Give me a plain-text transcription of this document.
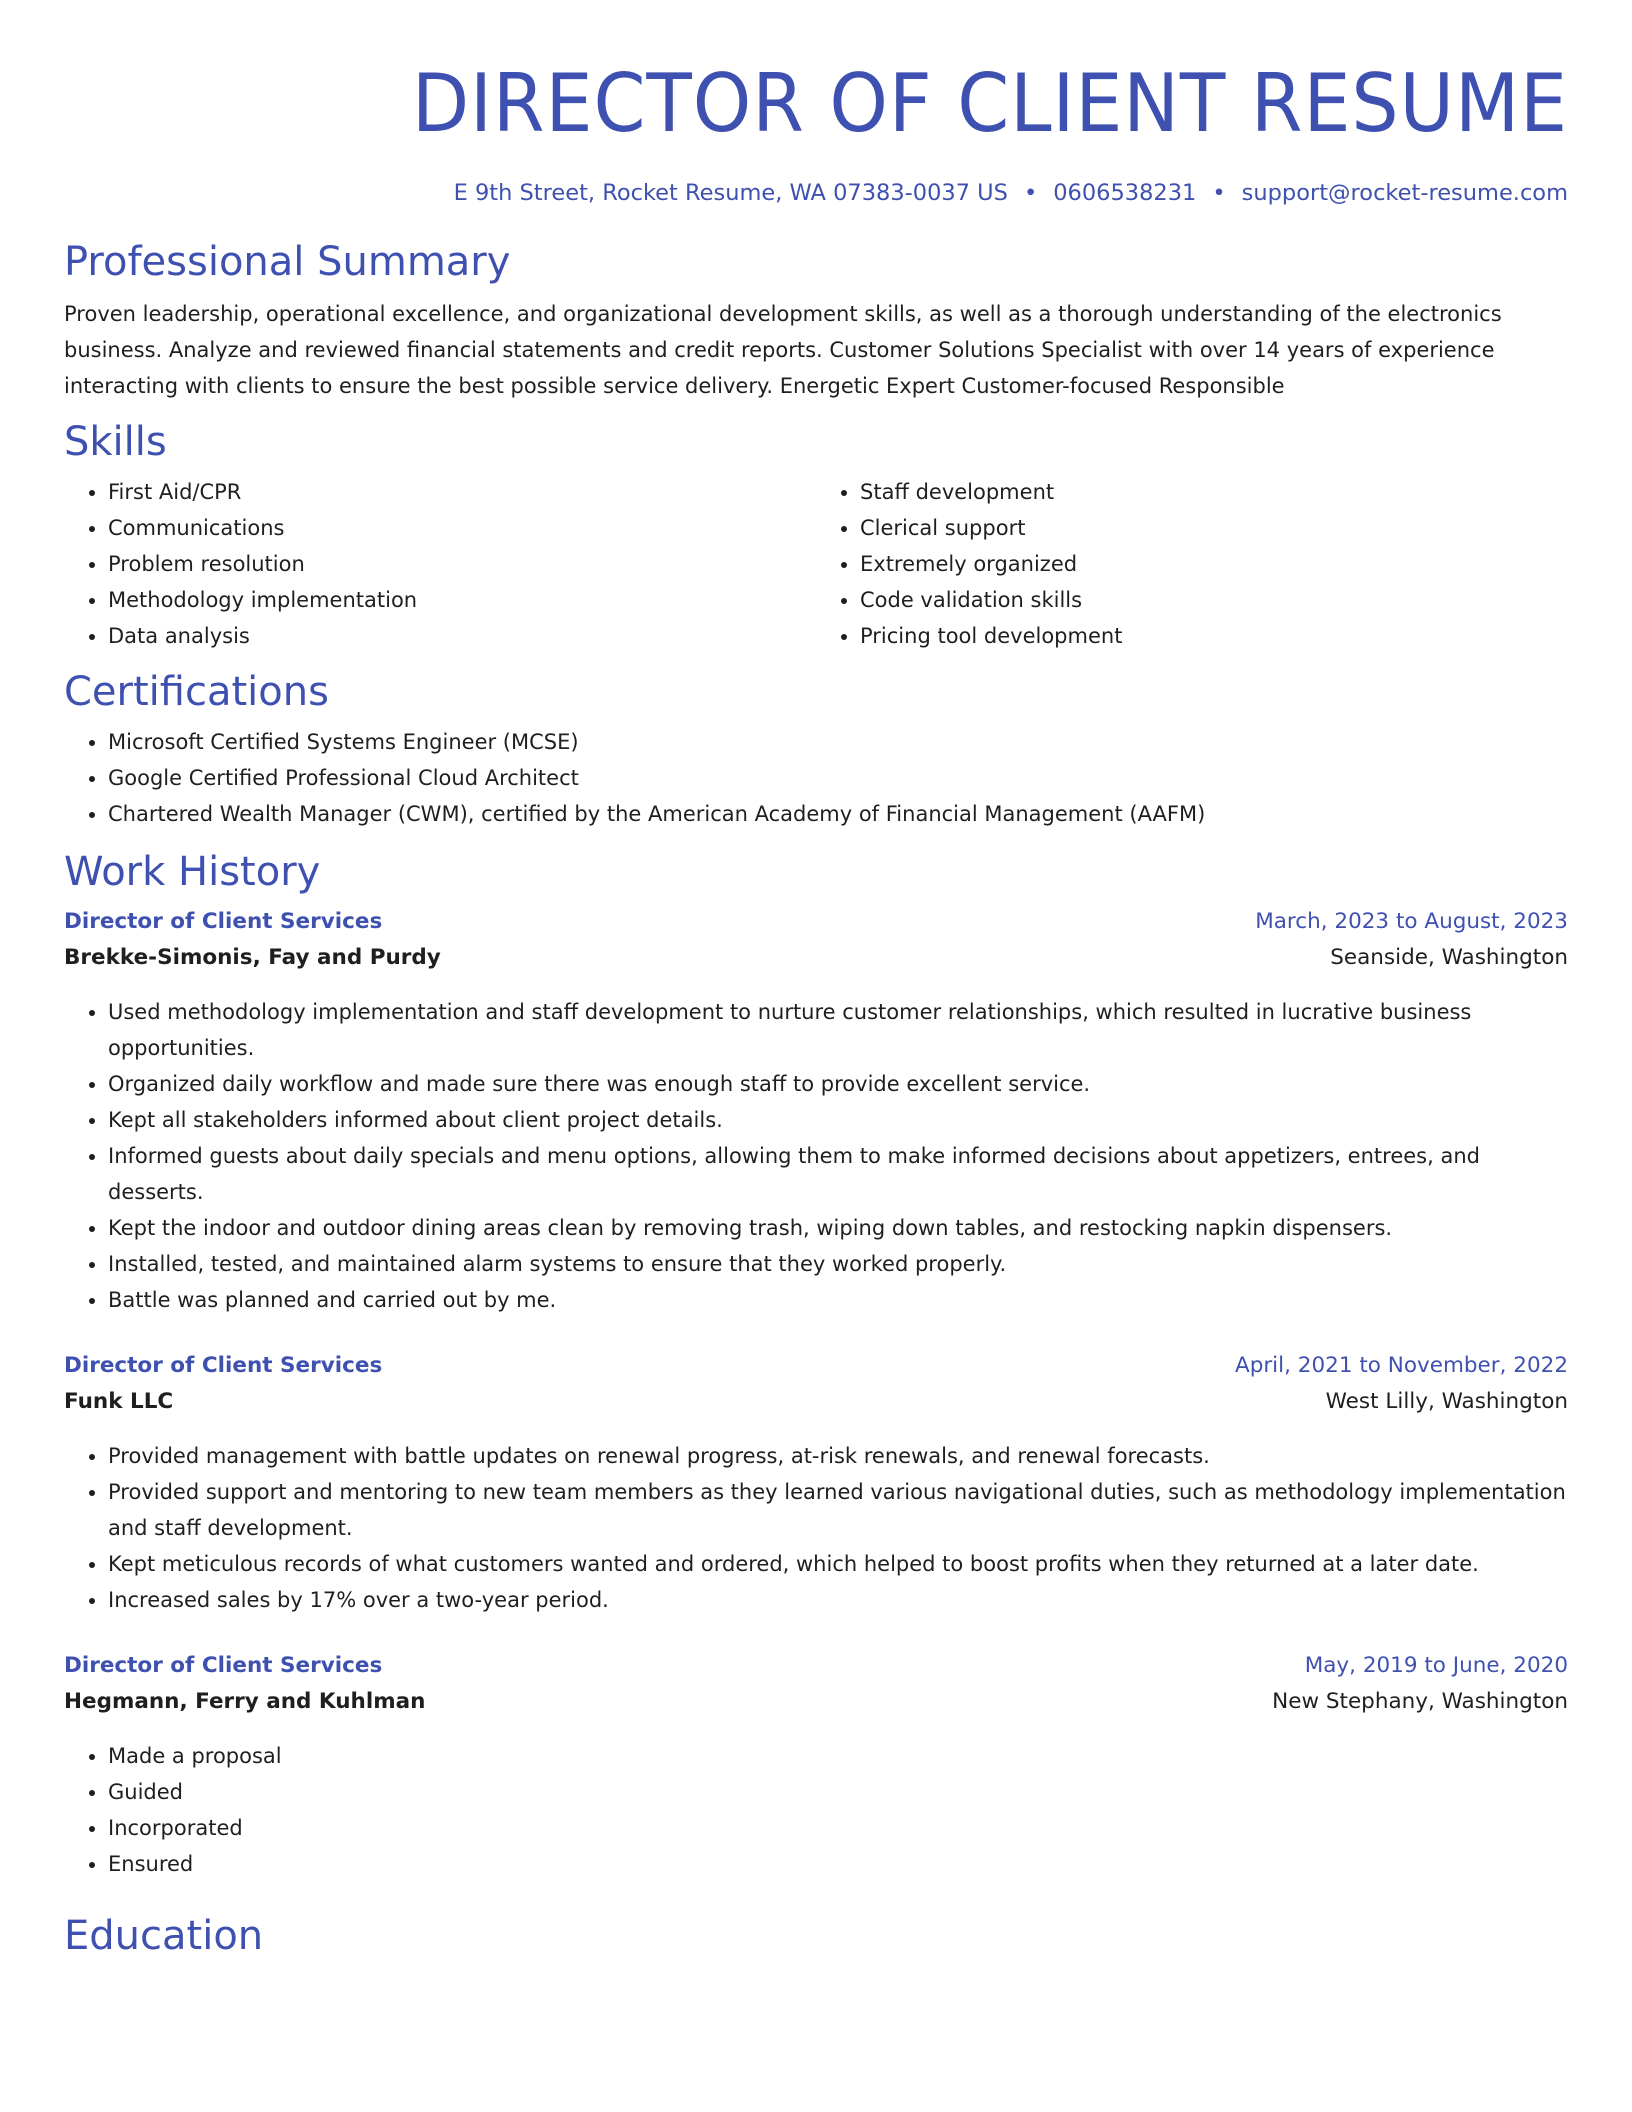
DIRECTOR OF CLIENT RESUME
E 9th Street, Rocket Resume, WA 07383-0037 US • 0606538231 • support@rocket-resume.com
Professional Summary

Proven leadership, operational excellence, and organizational development skills, as well as a thorough understanding of the electronics business. Analyze and reviewed financial statements and credit reports. Customer Solutions Specialist with over 14 years of experience interacting with clients to ensure the best possible service delivery. Energetic Expert Customer-focused Responsible

Skills
• First Aid/CPR
• Communications
• Problem resolution
• Methodology implementation
• Data analysis
• Staff development
• Clerical support
• Extremely organized
• Code validation skills
• Pricing tool development
Certifications
• Microsoft Certified Systems Engineer (MCSE)
• Google Certified Professional Cloud Architect
• Chartered Wealth Manager (CWM), certified by the American Academy of Financial Management (AAFM)
Work History
Director of Client Services	March, 2023 to August, 2023
Brekke-Simonis, Fay and Purdy	Seanside, Washington
• Used methodology implementation and staff development to nurture customer relationships, which resulted in lucrative business opportunities.
• Organized daily workflow and made sure there was enough staff to provide excellent service.
• Kept all stakeholders informed about client project details.
• Informed guests about daily specials and menu options, allowing them to make informed decisions about appetizers, entrees, and desserts.
• Kept the indoor and outdoor dining areas clean by removing trash, wiping down tables, and restocking napkin dispensers.
• Installed, tested, and maintained alarm systems to ensure that they worked properly.
• Battle was planned and carried out by me.
Director of Client Services	April, 2021 to November, 2022
Funk LLC	West Lilly, Washington
• Provided management with battle updates on renewal progress, at-risk renewals, and renewal forecasts.
• Provided support and mentoring to new team members as they learned various navigational duties, such as methodology implementation and staff development.
• Kept meticulous records of what customers wanted and ordered, which helped to boost profits when they returned at a later date.
• Increased sales by 17% over a two-year period.
Director of Client Services	May, 2019 to June, 2020
Hegmann, Ferry and Kuhlman	New Stephany, Washington
• Made a proposal
• Guided
• Incorporated
• Ensured
Education
